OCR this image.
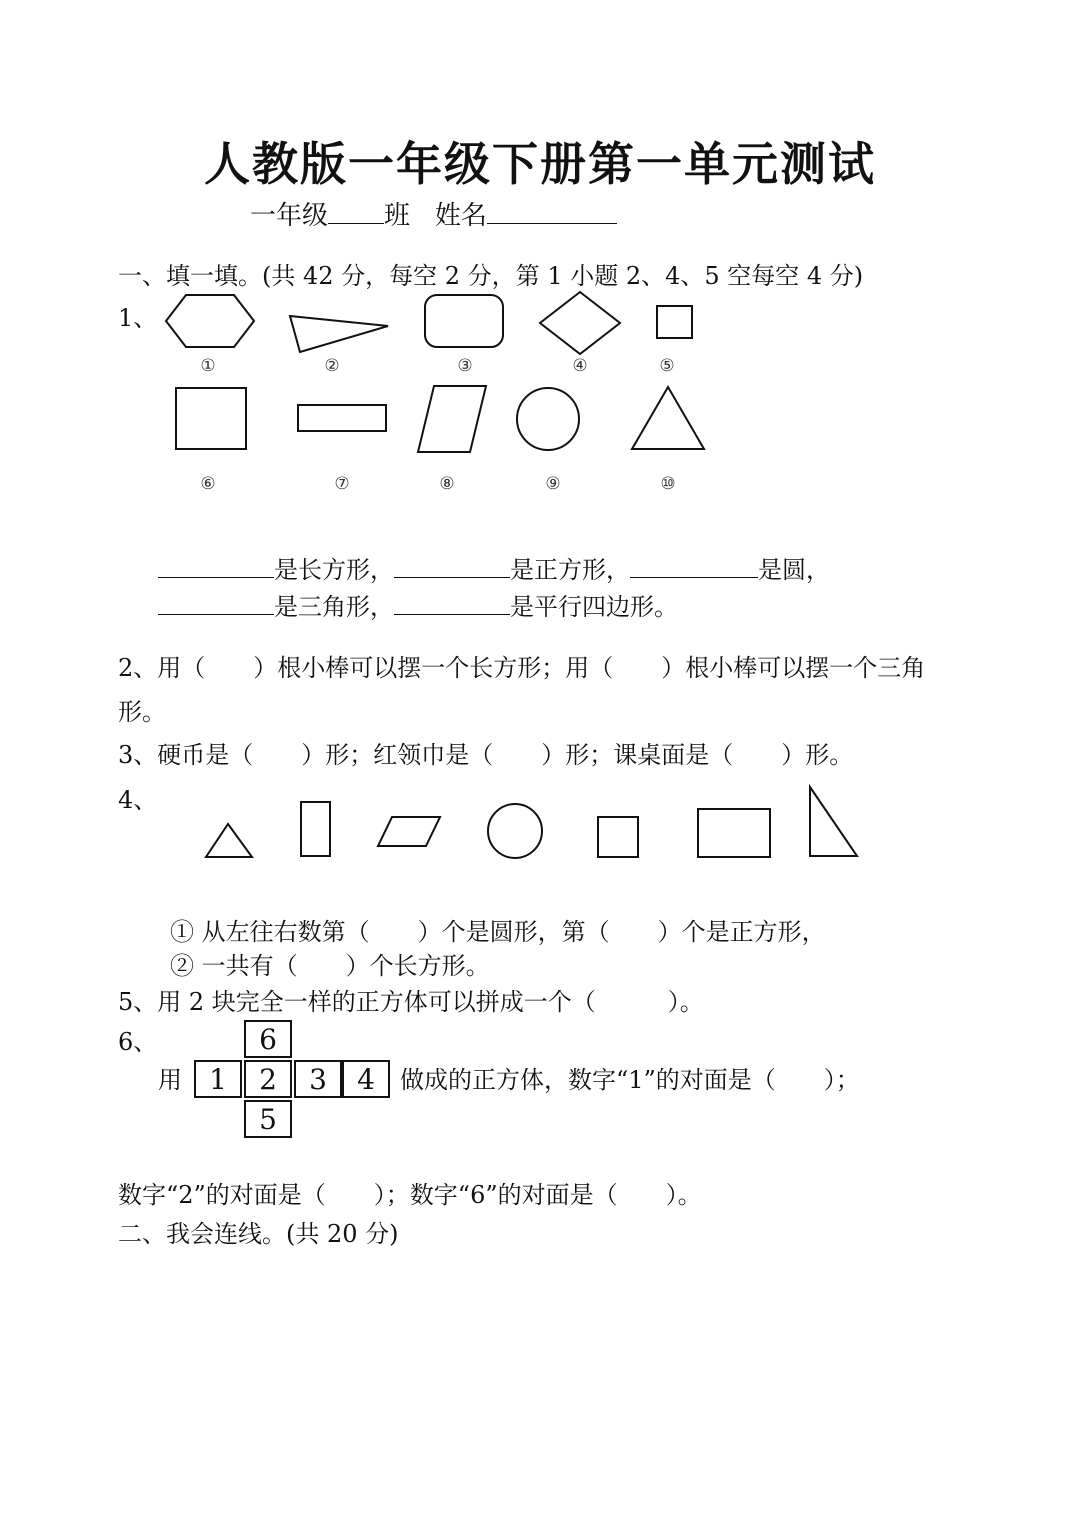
人教版一年级下册第一单元测试
一年级 班 姓名
一、填一填。(共 42 分，每空 2 分，第 1 小题 2、4、5 空每空 4 分)
1、
①	②	③	④	⑤
⑥	⑦	⑧	⑨	⑩
是长方形，	是正方形，	是圆，
是三角形，	是平行四边形。
2、用（　　）根小棒可以摆一个长方形；用（　　）根小棒可以摆一个三角
形。
3、硬币是（　　）形；红领巾是（　　）形；课桌面是（　　）形。
4、
① 从左往右数第（　　）个是圆形，第（　　）个是正方形，
② 一共有（　　）个长方形。
5、用 2 块完全一样的正方体可以拼成一个（　　　）。
6、
用
6
1	2	3	4
5
做成的正方体，数字“1”的对面是（　　）；
数字“2”的对面是（　　）；数字“6”的对面是（　　）。
二、我会连线。(共 20 分)
